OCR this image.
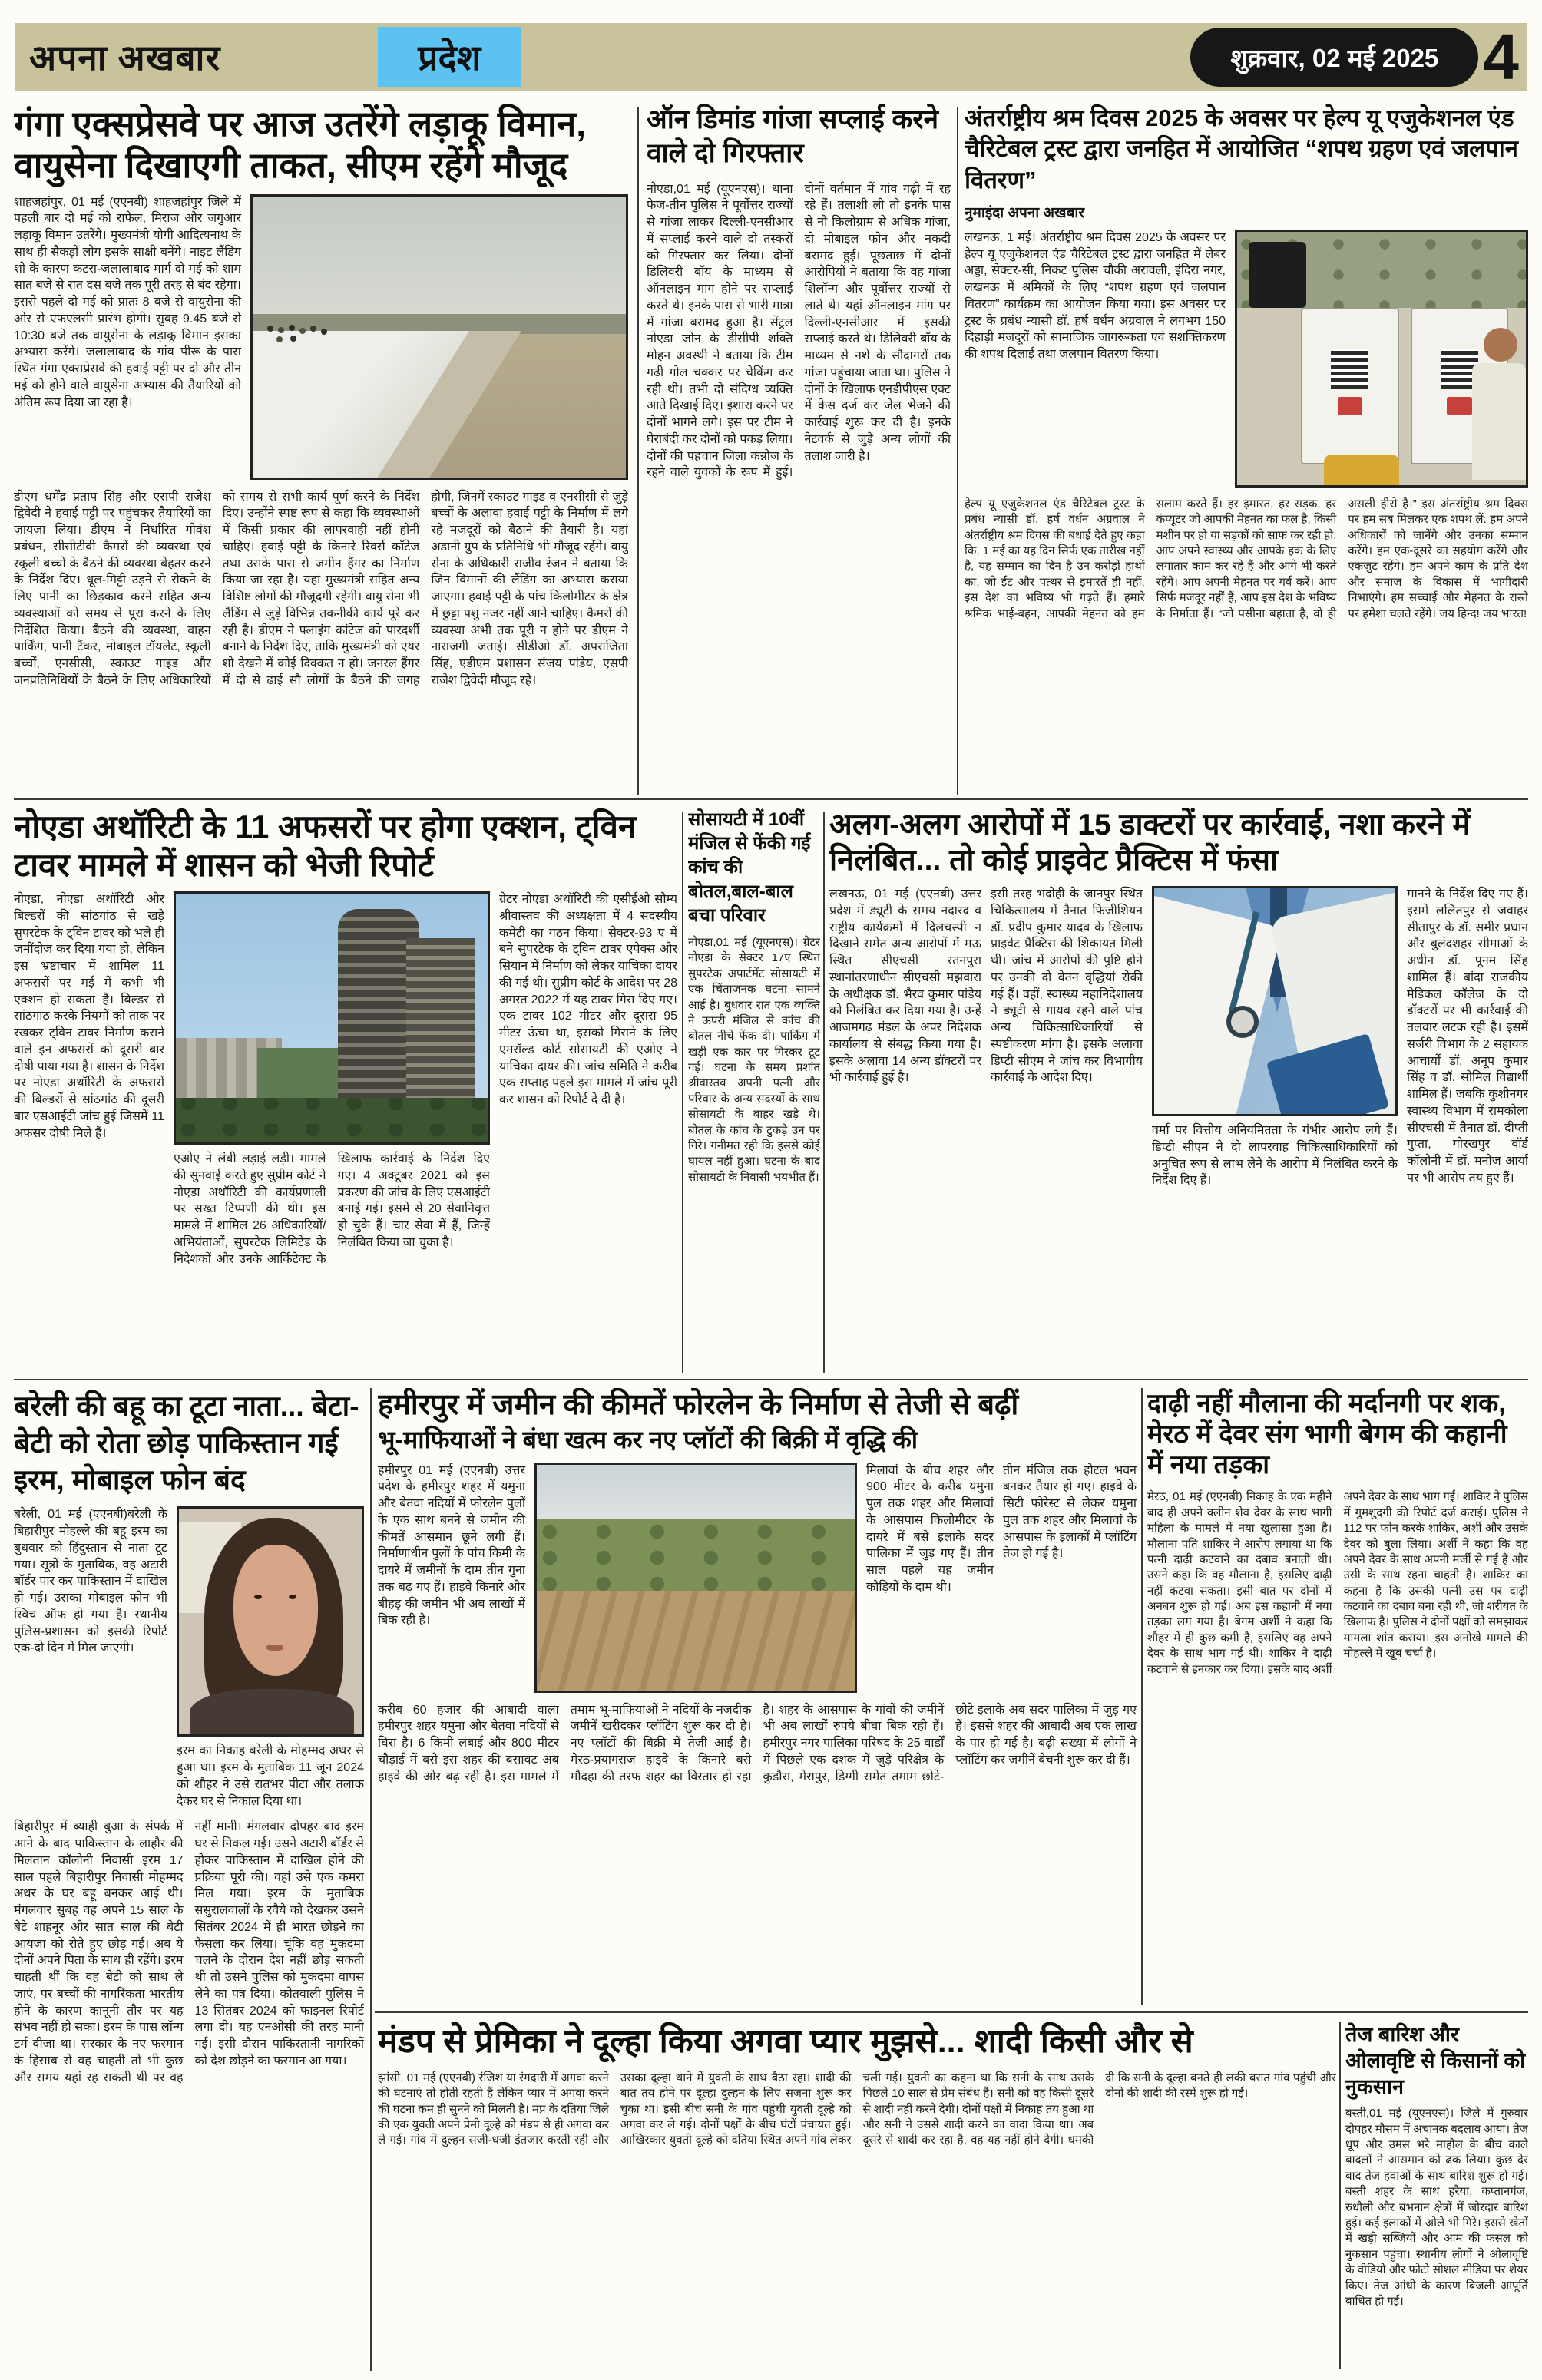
अपना अखबार	प्रदेश	शुक्रवार, 02 मई 2025 4
गंगा एक्सप्रेसवे पर आज उतरेंगे लड़ाकू विमान, वायुसेना दिखाएगी ताकत, सीएम रहेंगे मौजूद
शाहजहांपुर, 01 मई (एएनबी) शाहजहांपुर जिले में पहली बार दो मई को राफेल, मिराज और जगुआर लड़ाकू विमान उतरेंगे। मुख्यमंत्री योगी आदित्यनाथ के साथ ही सैकड़ों लोग इसके साक्षी बनेंगे। नाइट लैंडिंग शो के कारण कटरा-जलालाबाद मार्ग दो मई को शाम सात बजे से रात दस बजे तक पूरी तरह से बंद रहेगा। इससे पहले दो मई को प्रातः 8 बजे से वायुसेना की ओर से एफएलसी प्रारंभ होगी। सुबह 9.45 बजे से 10:30 बजे तक वायुसेना के लड़ाकू विमान इसका अभ्यास करेंगे। जलालाबाद के गांव पीरू के पास स्थित गंगा एक्सप्रेसवे की हवाई पट्टी पर दो और तीन मई को होने वाले वायुसेना अभ्यास की तैयारियों को अंतिम रूप दिया जा रहा है।
डीएम धर्मेंद्र प्रताप सिंह और एसपी राजेश द्विवेदी ने हवाई पट्टी पर पहुंचकर तैयारियों का जायजा लिया। डीएम ने निर्धारित गोवंश प्रबंधन, सीसीटीवी कैमरों की व्यवस्था एवं स्कूली बच्चों के बैठने की व्यवस्था बेहतर करने के निर्देश दिए। धूल-मिट्टी उड़ने से रोकने के लिए पानी का छिड़काव करने सहित अन्य व्यवस्थाओं को समय से पूरा करने के लिए निर्देशित किया। बैठने की व्यवस्था, वाहन पार्किंग, पानी टैंकर, मोबाइल टॉयलेट, स्कूली बच्चों, एनसीसी, स्काउट गाइड और जनप्रतिनिधियों के बैठने के लिए अधिकारियों को समय से सभी कार्य पूर्ण करने के निर्देश दिए। उन्होंने स्पष्ट रूप से कहा कि व्यवस्थाओं में किसी प्रकार की लापरवाही नहीं होनी चाहिए। हवाई पट्टी के किनारे रिवर्स कॉटेज तथा उसके पास से जमीन हैंगर का निर्माण किया जा रहा है। यहां मुख्यमंत्री सहित अन्य विशिष्ट लोगों की मौजूदगी रहेगी। वायु सेना भी लैंडिंग से जुड़े विभिन्न तकनीकी कार्य पूरे कर रही है। डीएम ने फ्लाइंग कांटेज को पारदर्शी बनाने के निर्देश दिए, ताकि मुख्यमंत्री को एयर शो देखने में कोई दिक्कत न हो। जनरल हैंगर में दो से ढाई सौ लोगों के बैठने की जगह होगी, जिनमें स्काउट गाइड व एनसीसी से जुड़े बच्चों के अलावा हवाई पट्टी के निर्माण में लगे रहे मजदूरों को बैठाने की तैयारी है। यहां अडानी ग्रुप के प्रतिनिधि भी मौजूद रहेंगे। वायु सेना के अधिकारी राजीव रंजन ने बताया कि जिन विमानों की लैंडिंग का अभ्यास कराया जाएगा। हवाई पट्टी के पांच किलोमीटर के क्षेत्र में छुट्टा पशु नजर नहीं आने चाहिए। कैमरों की व्यवस्था अभी तक पूरी न होने पर डीएम ने नाराजगी जताई। सीडीओ डॉ. अपराजिता सिंह, एडीएम प्रशासन संजय पांडेय, एसपी राजेश द्विवेदी मौजूद रहे।
ऑन डिमांड गांजा सप्लाई करने वाले दो गिरफ्तार
नोएडा,01 मई (यूएनएस)। थाना फेज-तीन पुलिस ने पूर्वोत्तर राज्यों से गांजा लाकर दिल्ली-एनसीआर में सप्लाई करने वाले दो तस्करों को गिरफ्तार कर लिया। दोनों डिलिवरी बॉय के माध्यम से ऑनलाइन मांग होने पर सप्लाई करते थे। इनके पास से भारी मात्रा में गांजा बरामद हुआ है। सेंट्रल नोएडा जोन के डीसीपी शक्ति मोहन अवस्थी ने बताया कि टीम गढ़ी गोल चक्कर पर चेकिंग कर रही थी। तभी दो संदिग्ध व्यक्ति आते दिखाई दिए। इशारा करने पर दोनों भागने लगे। इस पर टीम ने घेराबंदी कर दोनों को पकड़ लिया। दोनों की पहचान जिला कन्नौज के रहने वाले युवकों के रूप में हुई। दोनों वर्तमान में गांव गढ़ी में रह रहे हैं। तलाशी ली तो इनके पास से नौ किलोग्राम से अधिक गांजा, दो मोबाइल फोन और नकदी बरामद हुई। पूछताछ में दोनों आरोपियों ने बताया कि वह गांजा शिलॉन्ग और पूर्वोत्तर राज्यों से लाते थे। यहां ऑनलाइन मांग पर दिल्ली-एनसीआर में इसकी सप्लाई करते थे। डिलिवरी बॉय के माध्यम से नशे के सौदागरों तक गांजा पहुंचाया जाता था। पुलिस ने दोनों के खिलाफ एनडीपीएस एक्ट में केस दर्ज कर जेल भेजने की कार्रवाई शुरू कर दी है। इनके नेटवर्क से जुड़े अन्य लोगों की तलाश जारी है।
अंतर्राष्ट्रीय श्रम दिवस 2025 के अवसर पर हेल्प यू एजुकेशनल एंड चैरिटेबल ट्रस्ट द्वारा जनहित में आयोजित “शपथ ग्रहण एवं जलपान वितरण”
नुमाइंदा अपना अखबार
लखनऊ, 1 मई। अंतर्राष्ट्रीय श्रम दिवस 2025 के अवसर पर हेल्प यू एजुकेशनल एंड चैरिटेबल ट्रस्ट द्वारा जनहित में लेबर अड्डा, सेक्टर-सी, निकट पुलिस चौकी अरावली, इंदिरा नगर, लखनऊ में श्रमिकों के लिए “शपथ ग्रहण एवं जलपान वितरण” कार्यक्रम का आयोजन किया गया। इस अवसर पर ट्रस्ट के प्रबंध न्यासी डॉ. हर्ष वर्धन अग्रवाल ने लगभग 150 दिहाड़ी मजदूरों को सामाजिक जागरूकता एवं सशक्तिकरण की शपथ दिलाई तथा जलपान वितरण किया।
हेल्प यू एजुकेशनल एंड चैरिटेबल ट्रस्ट के प्रबंध न्यासी डॉ. हर्ष वर्धन अग्रवाल ने अंतर्राष्ट्रीय श्रम दिवस की बधाई देते हुए कहा कि, 1 मई का यह दिन सिर्फ एक तारीख नहीं है, यह सम्मान का दिन है उन करोड़ों हाथों का, जो ईंट और पत्थर से इमारतें ही नहीं, इस देश का भविष्य भी गढ़ते हैं। हमारे श्रमिक भाई-बहन, आपकी मेहनत को हम सलाम करते हैं। हर इमारत, हर सड़क, हर कंप्यूटर जो आपकी मेहनत का फल है, किसी मशीन पर हो या सड़कों को साफ कर रही हो, आप अपने स्वास्थ्य और आपके हक के लिए लगातार काम कर रहे हैं और आगे भी करते रहेंगे। आप अपनी मेहनत पर गर्व करें। आप सिर्फ मजदूर नहीं हैं, आप इस देश के भविष्य के निर्माता हैं। “जो पसीना बहाता है, वो ही असली हीरो है।” इस अंतर्राष्ट्रीय श्रम दिवस पर हम सब मिलकर एक शपथ लें: हम अपने अधिकारों को जानेंगे और उनका सम्मान करेंगे। हम एक-दूसरे का सहयोग करेंगे और एकजुट रहेंगे। हम अपने काम के प्रति देश और समाज के विकास में भागीदारी निभाएंगे। हम सच्चाई और मेहनत के रास्ते पर हमेशा चलते रहेंगे। जय हिन्द! जय भारत!
नोएडा अथॉरिटी के 11 अफसरों पर होगा एक्शन, ट्विन टावर मामले में शासन को भेजी रिपोर्ट
नोएडा, नोएडा अथॉरिटी और बिल्डरों की सांठगांठ से खड़े सुपरटेक के ट्विन टावर को भले ही जमींदोज कर दिया गया हो, लेकिन इस भ्रष्टाचार में शामिल 11 अफसरों पर मई में कभी भी एक्शन हो सकता है। बिल्डर से सांठगांठ करके नियमों को ताक पर रखकर ट्विन टावर निर्माण कराने वाले इन अफसरों को दूसरी बार दोषी पाया गया है। शासन के निर्देश पर नोएडा अथॉरिटी के अफसरों की बिल्डरों से सांठगांठ की दूसरी बार एसआईटी जांच हुई जिसमें 11 अफसर दोषी मिले हैं।
एओए ने लंबी लड़ाई लड़ी। मामले की सुनवाई करते हुए सुप्रीम कोर्ट ने नोएडा अथॉरिटी की कार्यप्रणाली पर सख्त टिप्पणी की थी। इस मामले में शामिल 26 अधिकारियों/अभियंताओं, सुपरटेक लिमिटेड के निदेशकों और उनके आर्किटेक्ट के खिलाफ कार्रवाई के निर्देश दिए गए। 4 अक्टूबर 2021 को इस प्रकरण की जांच के लिए एसआईटी बनाई गई। इसमें से 20 सेवानिवृत्त हो चुके हैं। चार सेवा में हैं, जिन्हें निलंबित किया जा चुका है।
ग्रेटर नोएडा अथॉरिटी की एसीईओ सौम्य श्रीवास्तव की अध्यक्षता में 4 सदस्यीय कमेटी का गठन किया। सेक्टर-93 ए में बने सुपरटेक के ट्विन टावर एपेक्स और सियान में निर्माण को लेकर याचिका दायर की गई थी। सुप्रीम कोर्ट के आदेश पर 28 अगस्त 2022 में यह टावर गिरा दिए गए। एक टावर 102 मीटर और दूसरा 95 मीटर ऊंचा था, इसको गिराने के लिए एमरॉल्ड कोर्ट सोसायटी की एओए ने याचिका दायर की। जांच समिति ने करीब एक सप्ताह पहले इस मामले में जांच पूरी कर शासन को रिपोर्ट दे दी है।
सोसायटी में 10वीं मंजिल से फेंकी गई कांच की बोतल,बाल-बाल बचा परिवार
नोएडा,01 मई (यूएनएस)। ग्रेटर नोएडा के सेक्टर 17ए स्थित सुपरटेक अपार्टमेंट सोसायटी में एक चिंताजनक घटना सामने आई है। बुधवार रात एक व्यक्ति ने ऊपरी मंजिल से कांच की बोतल नीचे फेंक दी। पार्किंग में खड़ी एक कार पर गिरकर टूट गई। घटना के समय प्रशांत श्रीवास्तव अपनी पत्नी और परिवार के अन्य सदस्यों के साथ सोसायटी के बाहर खड़े थे। बोतल के कांच के टुकड़े उन पर गिरे। गनीमत रही कि इससे कोई घायल नहीं हुआ। घटना के बाद सोसायटी के निवासी भयभीत हैं।
अलग-अलग आरोपों में 15 डाक्टरों पर कार्रवाई, नशा करने में निलंबित... तो कोई प्राइवेट प्रैक्टिस में फंसा
लखनऊ, 01 मई (एएनबी) उत्तर प्रदेश में ड्यूटी के समय नदारद व राष्ट्रीय कार्यक्रमों में दिलचस्पी न दिखाने समेत अन्य आरोपों में मऊ स्थित सीएचसी रतनपुरा स्थानांतरणाधीन सीएचसी मझवारा के अधीक्षक डॉ. भैरव कुमार पांडेय को निलंबित कर दिया गया है। उन्हें आजमगढ़ मंडल के अपर निदेशक कार्यालय से संबद्ध किया गया है। इसके अलावा 14 अन्य डॉक्टरों पर भी कार्रवाई हुई है।
इसी तरह भदोही के जानपुर स्थित चिकित्सालय में तैनात फिजीशियन डॉ. प्रदीप कुमार यादव के खिलाफ प्राइवेट प्रैक्टिस की शिकायत मिली थी। जांच में आरोपों की पुष्टि होने पर उनकी दो वेतन वृद्धियां रोकी गई हैं। वहीं, स्वास्थ्य महानिदेशालय ने ड्यूटी से गायब रहने वाले पांच अन्य चिकित्साधिकारियों से स्पष्टीकरण मांगा है। इसके अलावा डिप्टी सीएम ने जांच कर विभागीय कार्रवाई के आदेश दिए।
वर्मा पर वित्तीय अनियमितता के गंभीर आरोप लगे हैं। डिप्टी सीएम ने दो लापरवाह चिकित्साधिकारियों को अनुचित रूप से लाभ लेने के आरोप में निलंबित करने के निर्देश दिए हैं।
मानने के निर्देश दिए गए हैं। इसमें ललितपुर से जवाहर सीतापुर के डॉ. समीर प्रधान और बुलंदशहर सीमाओं के अधीन डॉ. पूनम सिंह शामिल हैं। बांदा राजकीय मेडिकल कॉलेज के दो डॉक्टरों पर भी कार्रवाई की तलवार लटक रही है। इसमें सर्जरी विभाग के 2 सहायक आचार्यों डॉ. अनूप कुमार सिंह व डॉ. सोमिल विद्यार्थी शामिल हैं। जबकि कुशीनगर स्वास्थ्य विभाग में रामकोला सीएचसी में तैनात डॉ. दीप्ती गुप्ता, गोरखपुर वॉर्ड कॉलोनी में डॉ. मनोज आर्या पर भी आरोप तय हुए हैं।
बरेली की बहू का टूटा नाता... बेटा-बेटी को रोता छोड़ पाकिस्तान गई इरम, मोबाइल फोन बंद
बरेली, 01 मई (एएनबी)बरेली के बिहारीपुर मोहल्ले की बहू इरम का बुधवार को हिंदुस्तान से नाता टूट गया। सूत्रों के मुताबिक, वह अटारी बॉर्डर पार कर पाकिस्तान में दाखिल हो गई। उसका मोबाइल फोन भी स्विच ऑफ हो गया है। स्थानीय पुलिस-प्रशासन को इसकी रिपोर्ट एक-दो दिन में मिल जाएगी।
इरम का निकाह बरेली के मोहम्मद अथर से हुआ था। इरम के मुताबिक 11 जून 2024 को शौहर ने उसे रातभर पीटा और तलाक देकर घर से निकाल दिया था।
बिहारीपुर में ब्याही बुआ के संपर्क में आने के बाद पाकिस्तान के लाहौर की मिलतान कॉलोनी निवासी इरम 17 साल पहले बिहारीपुर निवासी मोहम्मद अथर के घर बहू बनकर आई थी। मंगलवार सुबह वह अपने 15 साल के बेटे शाहनूर और सात साल की बेटी आयजा को रोते हुए छोड़ गई। अब ये दोनों अपने पिता के साथ ही रहेंगे। इरम चाहती थीं कि वह बेटी को साथ ले जाएं, पर बच्चों की नागरिकता भारतीय होने के कारण कानूनी तौर पर यह संभव नहीं हो सका। इरम के पास लॉन्ग टर्म वीजा था। सरकार के नए फरमान के हिसाब से वह चाहती तो भी कुछ और समय यहां रह सकती थी पर वह नहीं मानी। मंगलवार दोपहर बाद इरम घर से निकल गई। उसने अटारी बॉर्डर से होकर पाकिस्तान में दाखिल होने की प्रक्रिया पूरी की। वहां उसे एक कमरा मिल गया। इरम के मुताबिक ससुरालवालों के रवैये को देखकर उसने सितंबर 2024 में ही भारत छोड़ने का फैसला कर लिया। चूंकि वह मुकदमा चलने के दौरान देश नहीं छोड़ सकती थी तो उसने पुलिस को मुकदमा वापस लेने का पत्र दिया। कोतवाली पुलिस ने 13 सितंबर 2024 को फाइनल रिपोर्ट लगा दी। यह एनओसी की तरह मानी गई। इसी दौरान पाकिस्तानी नागरिकों को देश छोड़ने का फरमान आ गया।
हमीरपुर में जमीन की कीमतें फोरलेन के निर्माण से तेजी से बढ़ीं
भू-माफियाओं ने बंधा खत्म कर नए प्लॉटों की बिक्री में वृद्धि की
हमीरपुर 01 मई (एएनबी) उत्तर प्रदेश के हमीरपुर शहर में यमुना और बेतवा नदियों में फोरलेन पुलों के एक साथ बनने से जमीन की कीमतें आसमान छूने लगी हैं। निर्माणाधीन पुलों के पांच किमी के दायरे में जमीनों के दाम तीन गुना तक बढ़ गए हैं। हाइवे किनारे और बीहड़ की जमीन भी अब लाखों में बिक रही है।
मिलावां के बीच शहर और 900 मीटर के करीब यमुना पुल तक शहर और मिलावां के आसपास किलोमीटर के दायरे में बसे इलाके सदर पालिका में जुड़ गए हैं। तीन साल पहले यह जमीन कौड़ियों के दाम थी।
तीन मंजिल तक होटल भवन बनकर तैयार हो गए। हाइवे के सिटी फोरेस्ट से लेकर यमुना पुल तक शहर और मिलावां के आसपास के इलाकों में प्लॉटिंग तेज हो गई है।
करीब 60 हजार की आबादी वाला हमीरपुर शहर यमुना और बेतवा नदियों से घिरा है। 6 किमी लंबाई और 800 मीटर चौड़ाई में बसे इस शहर की बसावट अब हाइवे की ओर बढ़ रही है। इस मामले में तमाम भू-माफियाओं ने नदियों के नजदीक जमीनें खरीदकर प्लॉटिंग शुरू कर दी है। नए प्लॉटों की बिक्री में तेजी आई है। मेरठ-प्रयागराज हाइवे के किनारे बसे मौदहा की तरफ शहर का विस्तार हो रहा है। शहर के आसपास के गांवों की जमीनें भी अब लाखों रुपये बीघा बिक रही हैं। हमीरपुर नगर पालिका परिषद के 25 वार्डों में पिछले एक दशक में जुड़े परिक्षेत्र के कुडौरा, मेरापुर, डिग्गी समेत तमाम छोटे-छोटे इलाके अब सदर पालिका में जुड़ गए हैं। इससे शहर की आबादी अब एक लाख के पार हो गई है। बढ़ी संख्या में लोगों ने प्लॉटिंग कर जमीनें बेचनी शुरू कर दी हैं।
दाढ़ी नहीं मौलाना की मर्दानगी पर शक, मेरठ में देवर संग भागी बेगम की कहानी में नया तड़का
मेरठ, 01 मई (एएनबी) निकाह के एक महीने बाद ही अपने क्लीन शेव देवर के साथ भागी महिला के मामले में नया खुलासा हुआ है। मौलाना पति शाकिर ने आरोप लगाया था कि पत्नी दाढ़ी कटवाने का दबाव बनाती थी। उसने कहा कि वह मौलाना है, इसलिए दाढ़ी नहीं कटवा सकता। इसी बात पर दोनों में अनबन शुरू हो गई। अब इस कहानी में नया तड़का लग गया है। बेगम अर्शी ने कहा कि शौहर में ही कुछ कमी है, इसलिए वह अपने देवर के साथ भाग गई थी। शाकिर ने दाढ़ी कटवाने से इनकार कर दिया। इसके बाद अर्शी अपने देवर के साथ भाग गई। शाकिर ने पुलिस में गुमशुदगी की रिपोर्ट दर्ज कराई। पुलिस ने 112 पर फोन करके शाकिर, अर्शी और उसके देवर को बुला लिया। अर्शी ने कहा कि वह अपने देवर के साथ अपनी मर्जी से गई है और उसी के साथ रहना चाहती है। शाकिर का कहना है कि उसकी पत्नी उस पर दाढ़ी कटवाने का दबाव बना रही थी, जो शरीयत के खिलाफ है। पुलिस ने दोनों पक्षों को समझाकर मामला शांत कराया। इस अनोखे मामले की मोहल्ले में खूब चर्चा है।
मंडप से प्रेमिका ने दूल्हा किया अगवा प्यार मुझसे... शादी किसी और से
झांसी, 01 मई (एएनबी) रंजिश या रंगदारी में अगवा करने की घटनाएं तो होती रहती हैं लेकिन प्यार में अगवा करने की घटना कम ही सुनने को मिलती है। मप्र के दतिया जिले की एक युवती अपने प्रेमी दूल्हे को मंडप से ही अगवा कर ले गई। गांव में दुल्हन सजी-धजी इंतजार करती रही और उसका दूल्हा थाने में युवती के साथ बैठा रहा। शादी की बात तय होने पर दूल्हा दुल्हन के लिए सजना शुरू कर चुका था। इसी बीच सनी के गांव पहुंची युवती दूल्हे को अगवा कर ले गई। दोनों पक्षों के बीच घंटों पंचायत हुई। आखिरकार युवती दूल्हे को दतिया स्थित अपने गांव लेकर चली गई। युवती का कहना था कि सनी के साथ उसके पिछले 10 साल से प्रेम संबंध है। सनी को वह किसी दूसरे से शादी नहीं करने देगी। दोनों पक्षों में निकाह तय हुआ था और सनी ने उससे शादी करने का वादा किया था। अब दूसरे से शादी कर रहा है, वह यह नहीं होने देगी। धमकी दी कि सनी के दूल्हा बनते ही लकी बरात गांव पहुंची और दोनों की शादी की रस्में शुरू हो गईं।
तेज बारिश और ओलावृष्टि से किसानों को नुकसान
बस्ती,01 मई (यूएनएस)। जिले में गुरुवार दोपहर मौसम में अचानक बदलाव आया। तेज धूप और उमस भरे माहौल के बीच काले बादलों ने आसमान को ढक लिया। कुछ देर बाद तेज हवाओं के साथ बारिश शुरू हो गई। बस्ती शहर के साथ हरैया, कप्तानगंज, रुधौली और बभनान क्षेत्रों में जोरदार बारिश हुई। कई इलाकों में ओले भी गिरे। इससे खेतों में खड़ी सब्जियों और आम की फसल को नुकसान पहुंचा। स्थानीय लोगों ने ओलावृष्टि के वीडियो और फोटो सोशल मीडिया पर शेयर किए। तेज आंधी के कारण बिजली आपूर्ति बाधित हो गई।
